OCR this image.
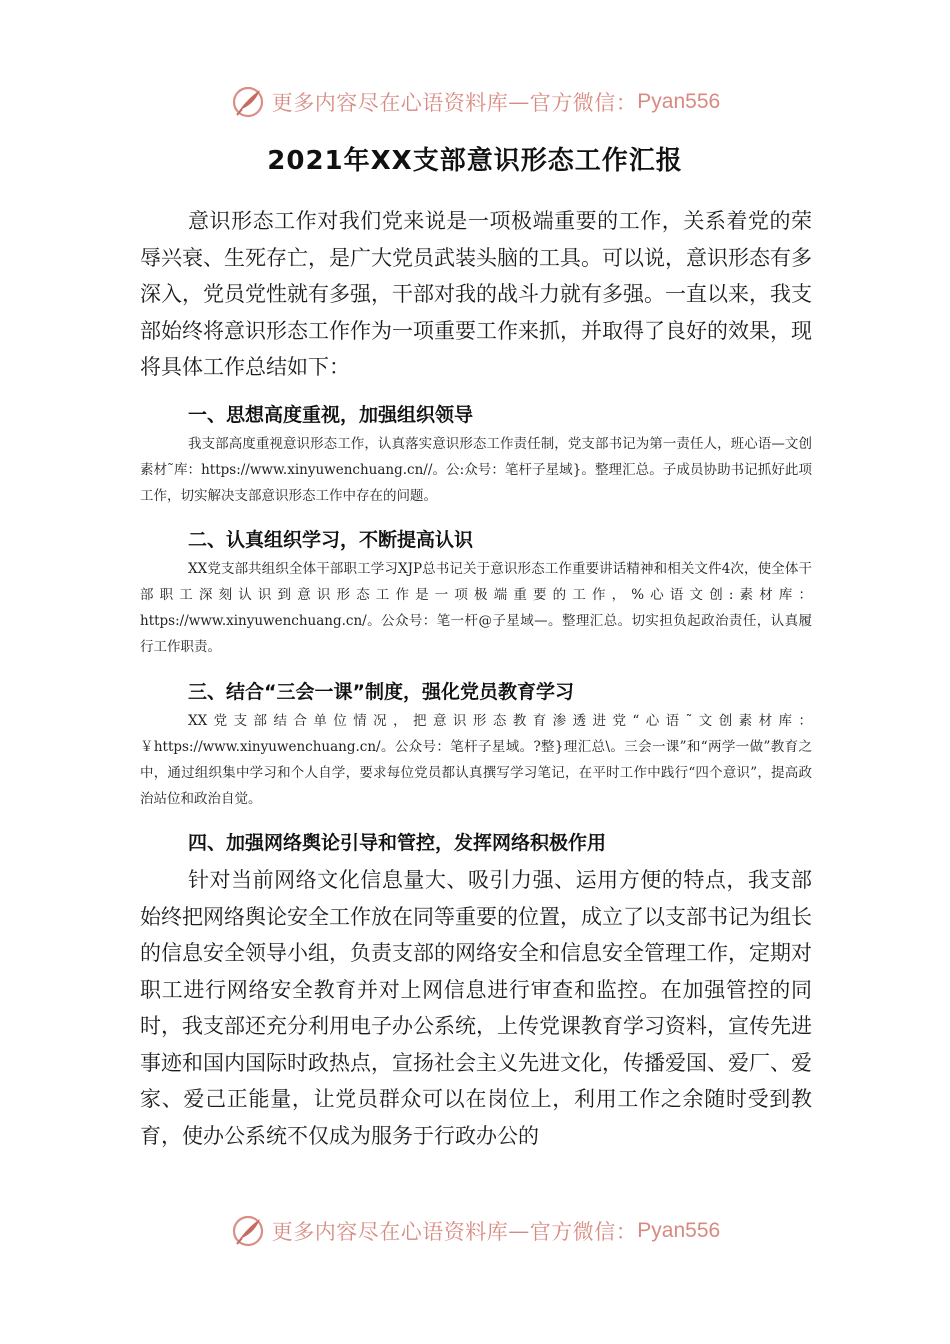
更多内容尽在心语资料库 — 官方微信： Pyan556
2021年XX支部意识形态工作汇报
意识形态工作对我们党来说是一项极端重要的工作，关系着党的荣辱兴衰、生死存亡，是广大党员武装头脑的工具。可以说，意识形态有多深入，党员党性就有多强，干部对我的战斗力就有多强。一直以来，我支部始终将意识形态工作作为一项重要工作来抓，并取得了良好的效果，现将具体工作总结如下：
一、思想高度重视，加强组织领导
我支部高度重视意识形态工作，认真落实意识形态工作责任制，党支部书记为第一责任人，班心语—文创素材˜库：https://www.xinyuwenchuang.cn//。公:众号：笔杆子星域}。整理汇总。子成员协助书记抓好此项工作，切实解决支部意识形态工作中存在的问题。
二、认真组织学习，不断提高认识
XX党支部共组织全体干部职工学习XJP总书记关于意识形态工作重要讲话精神和相关文件4次，使全体干部职工深刻认识到意识形态工作是一项极端重要的工作，%心语文创:素材库：https://www.xinyuwenchuang.cn/。公众号：笔一杆@子星域—。整理汇总。切实担负起政治责任，认真履行工作职责。
三、结合“三会一课”制度，强化党员教育学习
XX党支部结合单位情况，把意识形态教育渗透进党“心语˜文创素材库：￥https://www.xinyuwenchuang.cn/。公众号：笔杆子星域。?整}理汇总\。三会一课”和“两学一做”教育之中，通过组织集中学习和个人自学，要求每位党员都认真撰写学习笔记，在平时工作中践行“四个意识”，提高政治站位和政治自觉。
四、加强网络舆论引导和管控，发挥网络积极作用
针对当前网络文化信息量大、吸引力强、运用方便的特点，我支部始终把网络舆论安全工作放在同等重要的位置，成立了以支部书记为组长的信息安全领导小组，负责支部的网络安全和信息安全管理工作，定期对职工进行网络安全教育并对上网信息进行审查和监控。在加强管控的同时，我支部还充分利用电子办公系统，上传党课教育学习资料，宣传先进事迹和国内国际时政热点，宣扬社会主义先进文化，传播爱国、爱厂、爱家、爱己正能量，让党员群众可以在岗位上，利用工作之余随时受到教育，使办公系统不仅成为服务于行政办公的
更多内容尽在心语资料库 — 官方微信： Pyan556
